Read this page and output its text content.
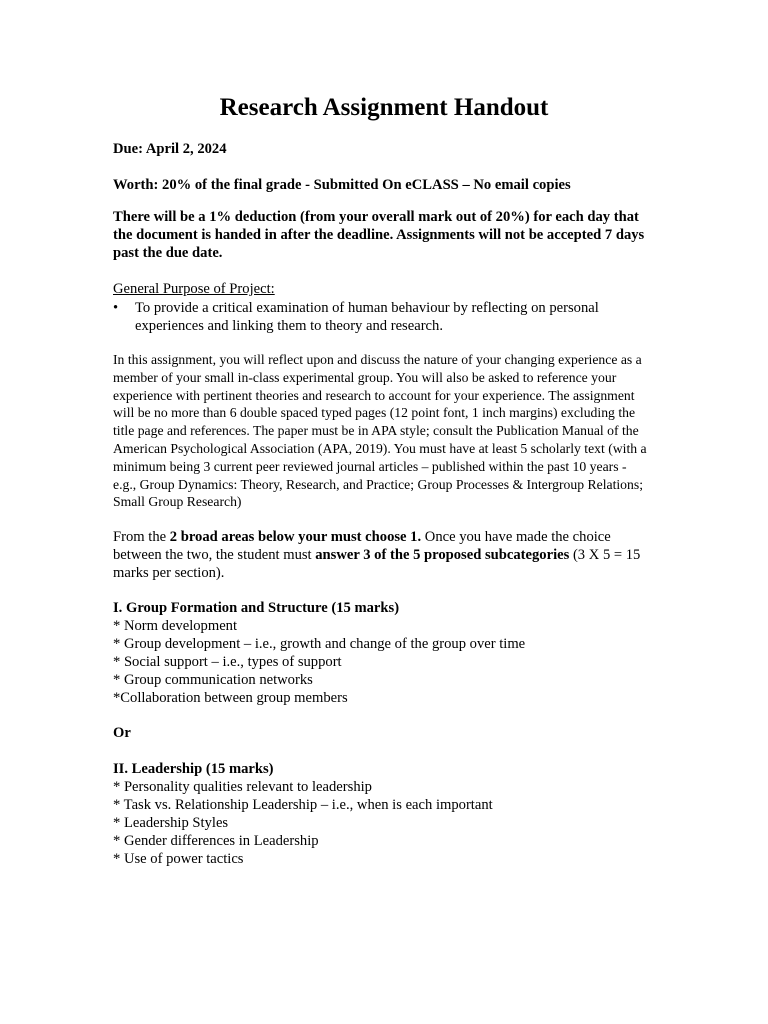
Research Assignment Handout

Due: April 2, 2024

Worth: 20% of the final grade - Submitted On eCLASS – No email copies

There will be a 1% deduction (from your overall mark out of 20%) for each day that the document is handed in after the deadline. Assignments will not be accepted 7 days past the due date.

General Purpose of Project:

•	To provide a critical examination of human behaviour by reflecting on personal experiences and linking them to theory and research.

In this assignment, you will reflect upon and discuss the nature of your changing experience as a member of your small in-class experimental group. You will also be asked to reference your experience with pertinent theories and research to account for your experience. The assignment will be no more than 6 double spaced typed pages (12 point font, 1 inch margins) excluding the title page and references. The paper must be in APA style; consult the Publication Manual of the American Psychological Association (APA, 2019). You must have at least 5 scholarly text (with a minimum being 3 current peer reviewed journal articles – published within the past 10 years - e.g., Group Dynamics: Theory, Research, and Practice; Group Processes & Intergroup Relations; Small Group Research)

From the 2 broad areas below your must choose 1. Once you have made the choice between the two, the student must answer 3 of the 5 proposed subcategories (3 X 5 = 15 marks per section).

I. Group Formation and Structure (15 marks)
* Norm development
* Group development – i.e., growth and change of the group over time
* Social support – i.e., types of support
* Group communication networks
*Collaboration between group members

Or

II. Leadership (15 marks)
* Personality qualities relevant to leadership
* Task vs. Relationship Leadership – i.e., when is each important
* Leadership Styles
* Gender differences in Leadership
* Use of power tactics
